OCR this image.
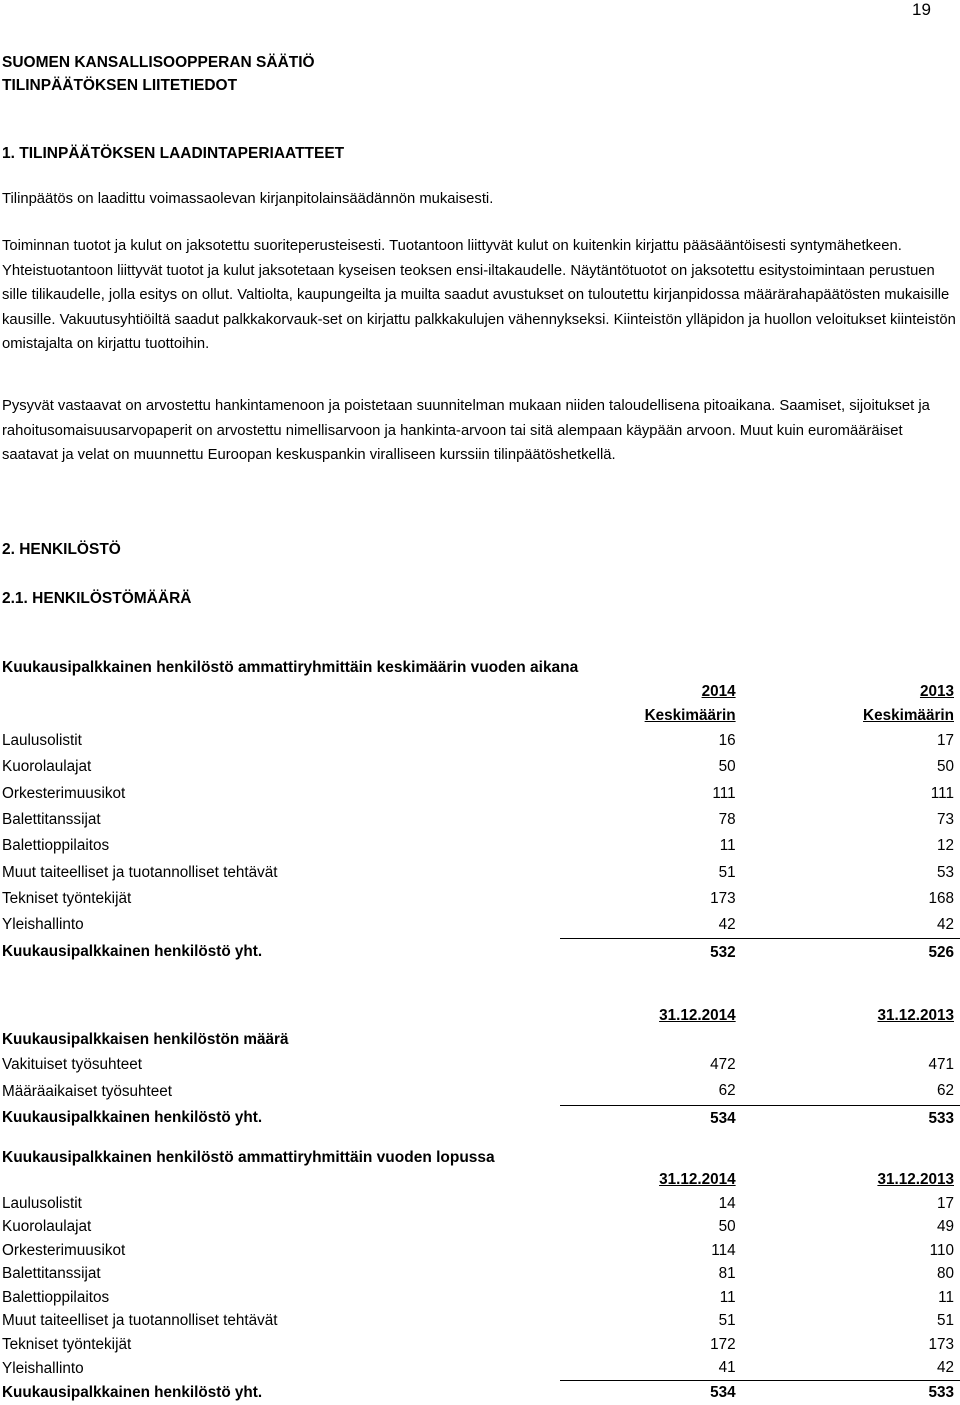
19
SUOMEN KANSALLISOOPPERAN SÄÄTIÖ
TILINPÄÄTÖKSEN LIITETIEDOT
1. TILINPÄÄTÖKSEN LAADINTAPERIAATTEET

Tilinpäätös on laadittu voimassaolevan kirjanpitolainsäädännön mukaisesti.

Toiminnan tuotot ja kulut on jaksotettu suoriteperusteisesti. Tuotantoon liittyvät kulut on kuitenkin kirjattu pääsääntöisesti syntymähetkeen. Yhteistuotantoon liittyvät tuotot ja kulut jaksotetaan kyseisen teoksen ensi-iltakaudelle. Näytäntötuotot on jaksotettu esitystoimintaan perustuen sille tilikaudelle, jolla esitys on ollut. Valtiolta, kaupungeilta ja muilta saadut avustukset on tuloutettu kirjanpidossa määrärahapäätösten mukaisille kausille. Vakuutusyhtiöiltä saadut palkkakorvauk-set on kirjattu palkkakulujen vähennykseksi. Kiinteistön ylläpidon ja huollon veloitukset kiinteistön omistajalta on kirjattu tuottoihin.

Pysyvät vastaavat on arvostettu hankintamenoon ja poistetaan suunnitelman mukaan niiden taloudellisena pitoaikana. Saamiset, sijoitukset ja rahoitusomaisuusarvopaperit on arvostettu nimellisarvoon ja hankinta-arvoon tai sitä alempaan käypään arvoon. Muut kuin euromääräiset saatavat ja velat on muunnettu Euroopan keskuspankin viralliseen kurssiin tilinpäätöshetkellä.

2. HENKILÖSTÖ
2.1. HENKILÖSTÖMÄÄRÄ
Kuukausipalkkainen henkilöstö ammattiryhmittäin keskimäärin vuoden aikana
	2014	2013
	Keskimäärin	Keskimäärin
Laulusolistit	16	17
Kuorolaulajat	50	50
Orkesterimuusikot	111	111
Balettitanssijat	78	73
Balettioppilaitos	11	12
Muut taiteelliset ja tuotannolliset tehtävät	51	53
Tekniset työntekijät	173	168
Yleishallinto	42	42
Kuukausipalkkainen henkilöstö yht.	532	526
	31.12.2014	31.12.2013
Kuukausipalkkaisen henkilöstön määrä		
Vakituiset työsuhteet	472	471
Määräaikaiset työsuhteet	62	62
Kuukausipalkkainen henkilöstö yht.	534	533
Kuukausipalkkainen henkilöstö ammattiryhmittäin vuoden lopussa
	31.12.2014	31.12.2013
Laulusolistit	14	17
Kuorolaulajat	50	49
Orkesterimuusikot	114	110
Balettitanssijat	81	80
Balettioppilaitos	11	11
Muut taiteelliset ja tuotannolliset tehtävät	51	51
Tekniset työntekijät	172	173
Yleishallinto	41	42
Kuukausipalkkainen henkilöstö yht.	534	533
